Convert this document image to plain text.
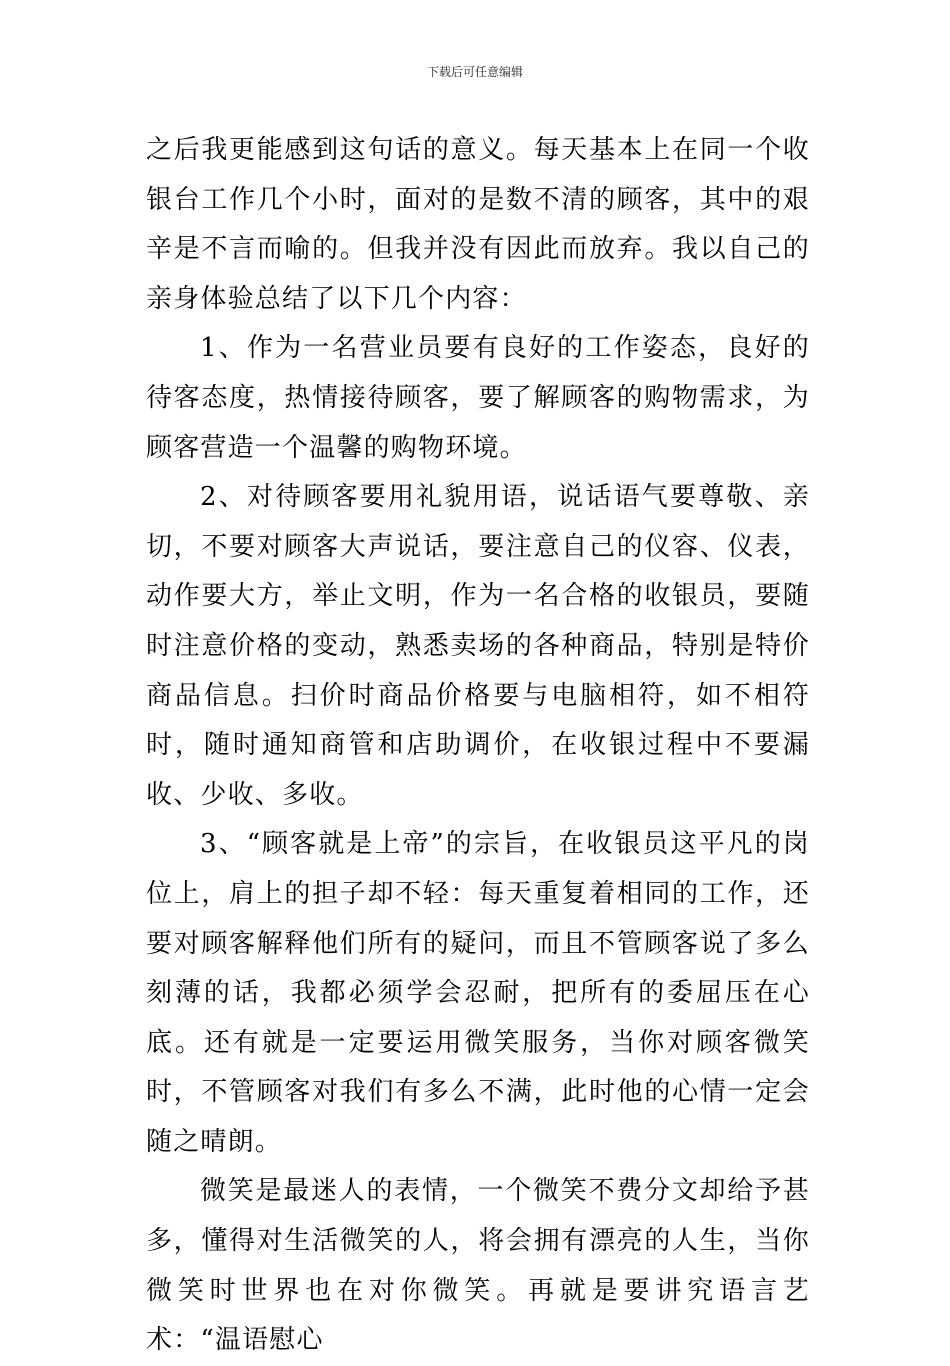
下载后可任意编辑

之后我更能感到这句话的意义。每天基本上在同一个收银台工作几个小时，面对的是数不清的顾客，其中的艰辛是不言而喻的。但我并没有因此而放弃。我以自己的亲身体验总结了以下几个内容：

1、作为一名营业员要有良好的工作姿态，良好的待客态度，热情接待顾客，要了解顾客的购物需求，为顾客营造一个温馨的购物环境。

2、对待顾客要用礼貌用语，说话语气要尊敬、亲切，不要对顾客大声说话，要注意自己的仪容、仪表，动作要大方，举止文明，作为一名合格的收银员，要随时注意价格的变动，熟悉卖场的各种商品，特别是特价商品信息。扫价时商品价格要与电脑相符，如不相符时，随时通知商管和店助调价，在收银过程中不要漏收、少收、多收。

3、“顾客就是上帝”的宗旨，在收银员这平凡的岗位上，肩上的担子却不轻：每天重复着相同的工作，还要对顾客解释他们所有的疑问，而且不管顾客说了多么刻薄的话，我都必须学会忍耐，把所有的委屈压在心底。还有就是一定要运用微笑服务，当你对顾客微笑时，不管顾客对我们有多么不满，此时他的心情一定会随之晴朗。

微笑是最迷人的表情，一个微笑不费分文却给予甚多，懂得对生活微笑的人，将会拥有漂亮的人生，当你微笑时世界也在对你微笑。再就是要讲究语言艺术：“温语慰心
